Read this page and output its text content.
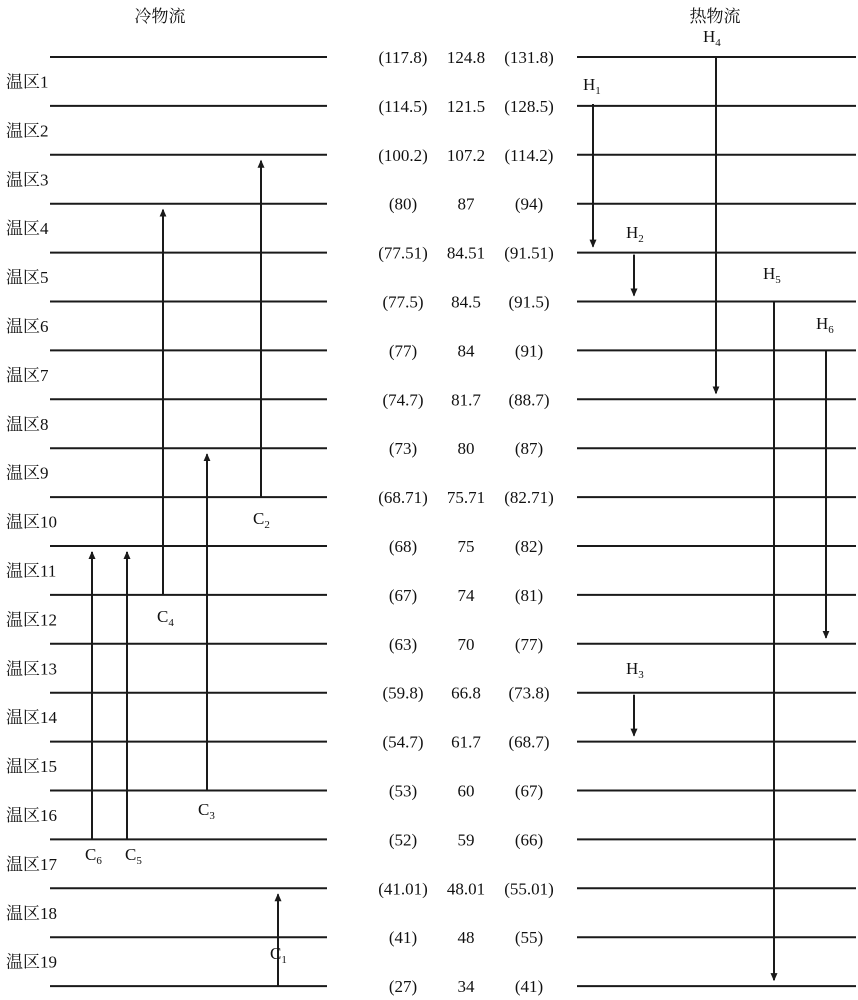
冷物流	热物流
(117.8) 124.8 (131.8)
(114.5) 121.5 (128.5)
(100.2) 107.2 (114.2)
(80) 87 (94)
(77.51) 84.51 (91.51)
(77.5) 84.5 (91.5)
(77) 84 (91)
(74.7) 81.7 (88.7)
(73) 80 (87)
(68.71) 75.71 (82.71)
(68) 75 (82)
(67) 74 (81)
(63) 70 (77)
(59.8) 66.8 (73.8)
(54.7) 61.7 (68.7)
(53) 60 (67)
(52) 59 (66)
(41.01) 48.01 (55.01)
(41) 48 (55)
(27) 34 (41)
温区1
温区2
温区3
温区4
温区5
温区6
温区7
温区8
温区9
温区10
温区11
温区12
温区13
温区14
温区15
温区16
温区17
温区18
温区19	$C_1$
$C_2$
$C_3$
$C_4$
$C_5$
$C_6$
$H_1$
$H_2$
$H_3$
$H_4$
$H_5$
$H_6$
